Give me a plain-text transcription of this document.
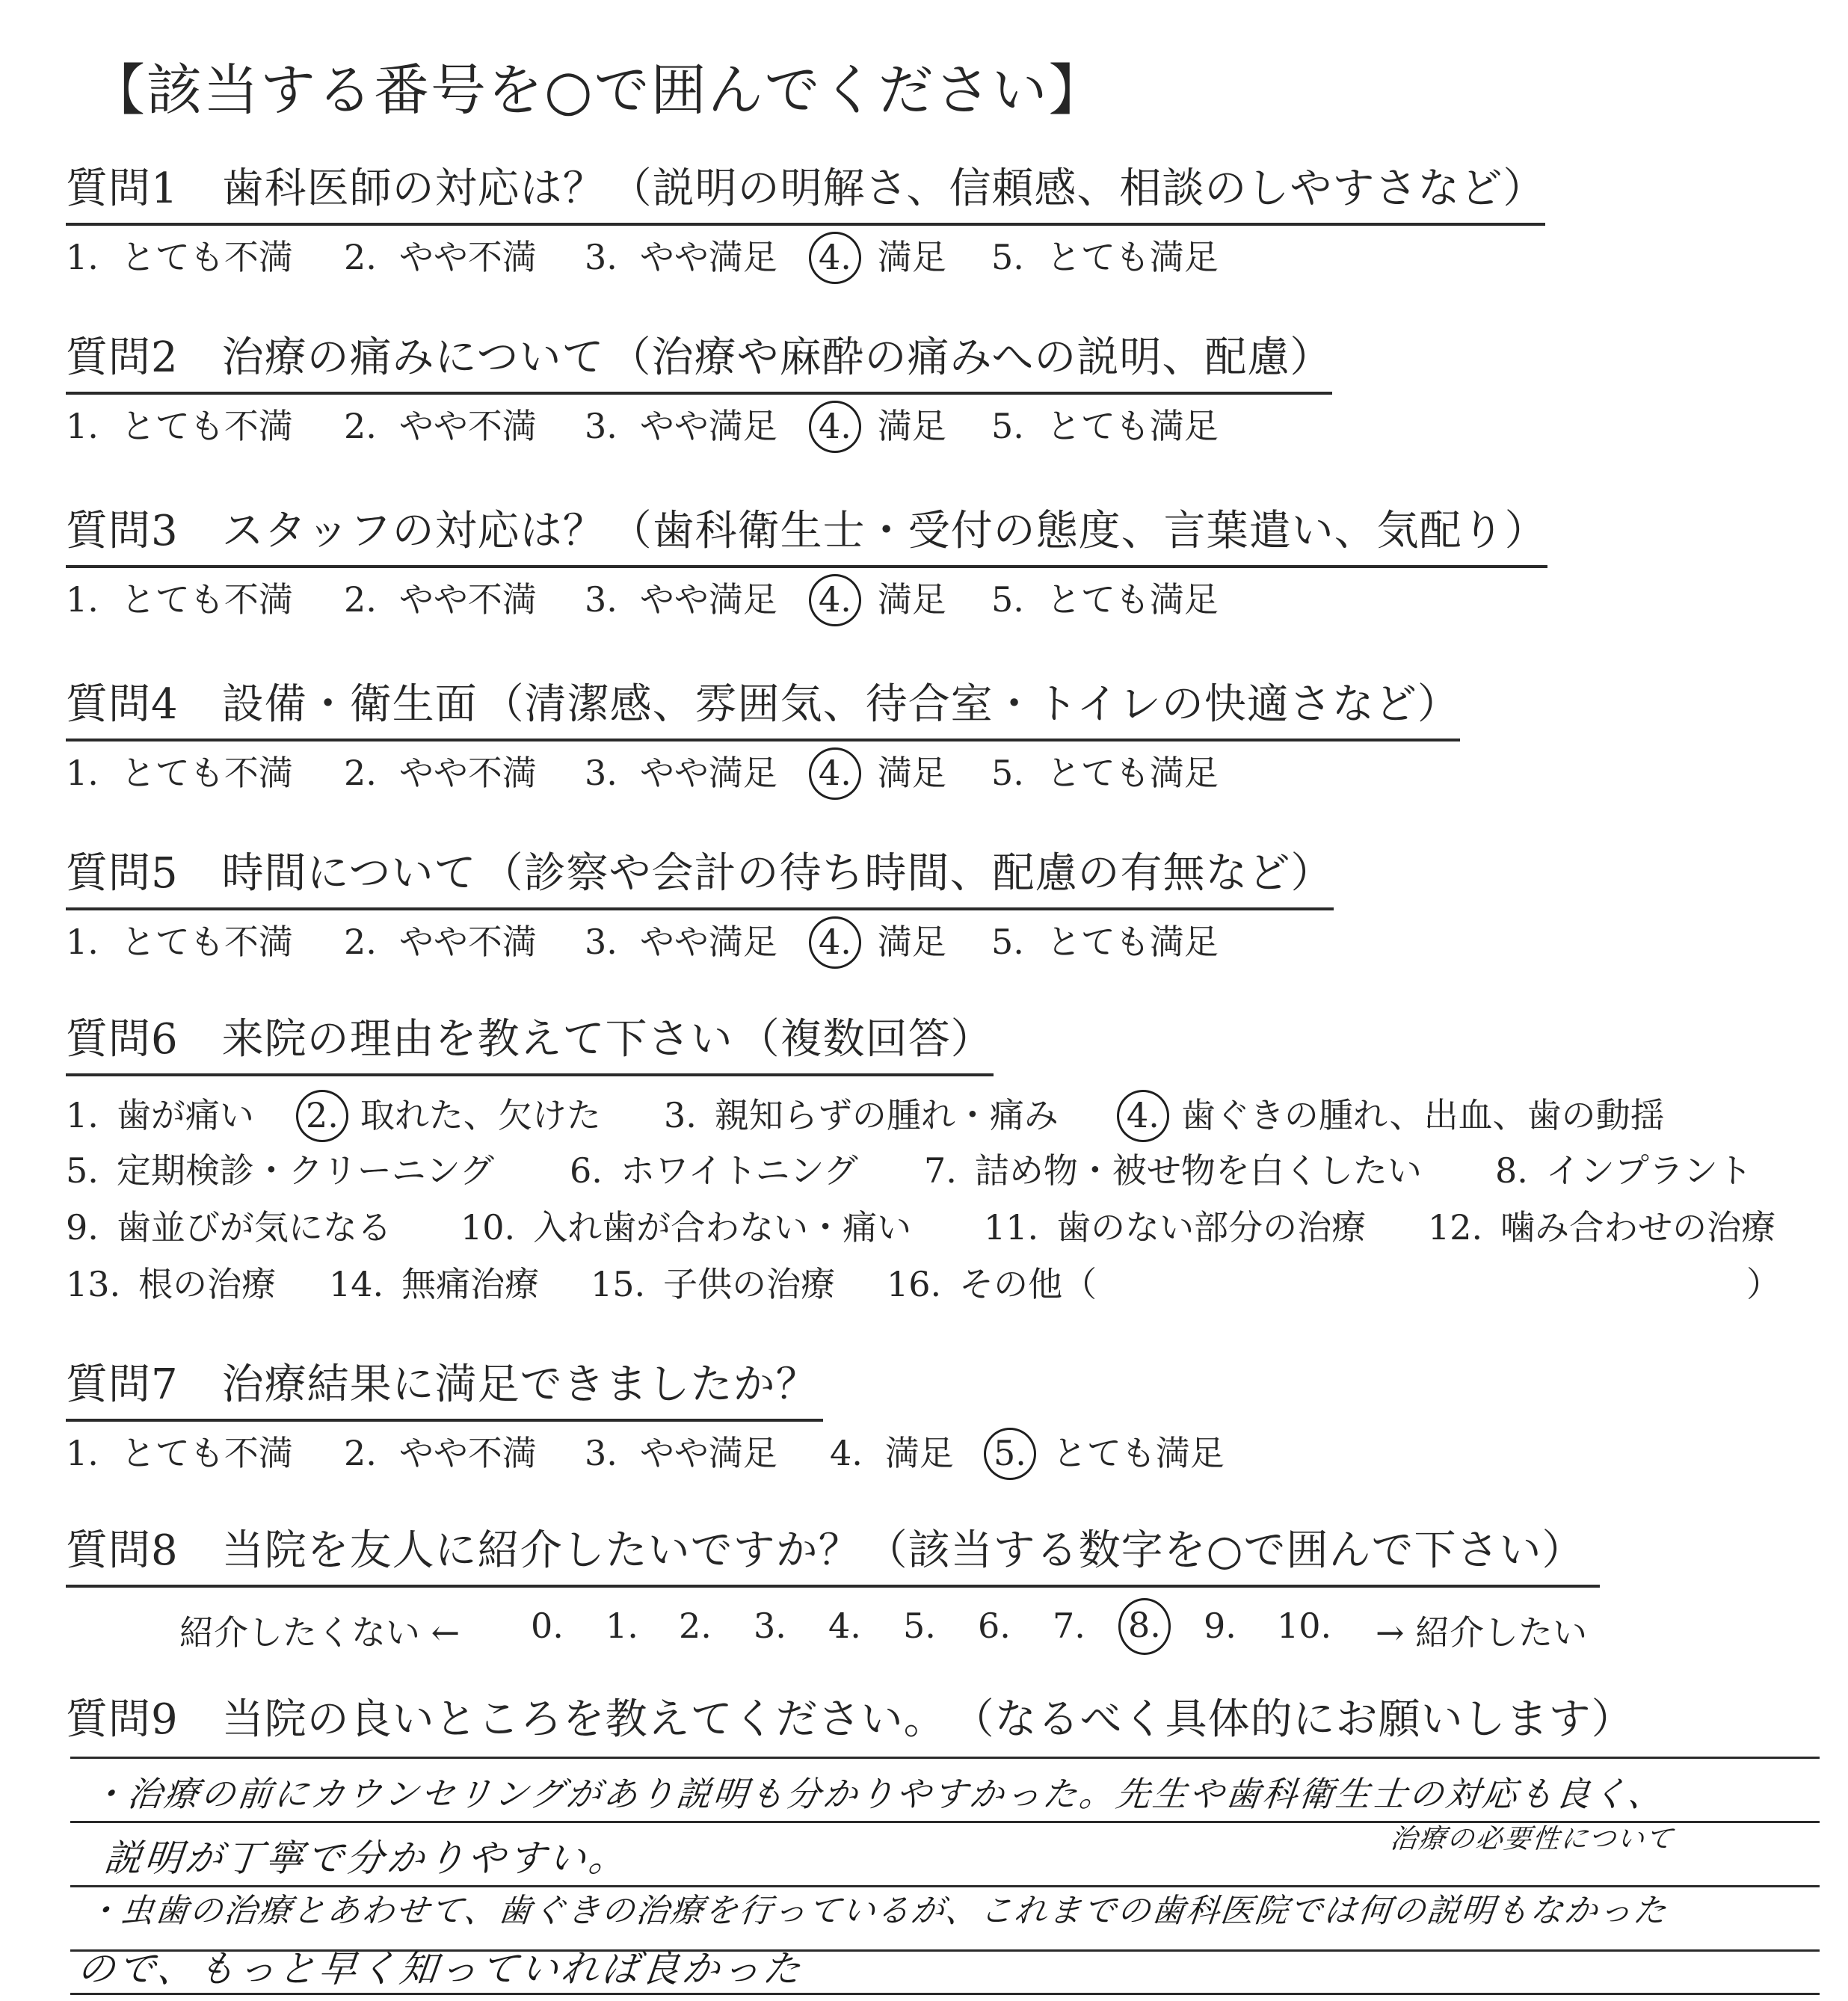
【該当する番号を○で囲んでください】
質問1 歯科医師の対応は？ （説明の明解さ、信頼感、相談のしやすさなど）
1. とても不満 2. やや不満 3. やや満足 4. 満足 5. とても満足
質問2 治療の痛みについて （治療や麻酔の痛みへの説明、配慮）
1. とても不満 2. やや不満 3. やや満足 4. 満足 5. とても満足
質問3 スタッフの対応は？ （歯科衛生士・受付の態度、言葉遣い、気配り）
1. とても不満 2. やや不満 3. やや満足 4. 満足 5. とても満足
質問4 設備・衛生面 （清潔感、雰囲気、待合室・トイレの快適さなど）
1. とても不満 2. やや不満 3. やや満足 4. 満足 5. とても満足
質問5 時間について （診察や会計の待ち時間、配慮の有無など）
1. とても不満 2. やや不満 3. やや満足 4. 満足 5. とても満足
質問6 来院の理由を教えて下さい （複数回答）
1. 歯が痛い 2. 取れた、欠けた 3. 親知らずの腫れ・痛み 4. 歯ぐきの腫れ、出血、歯の動揺
5. 定期検診・クリーニング 6. ホワイトニング 7. 詰め物・被せ物を白くしたい 8. インプラント
9. 歯並びが気になる 10. 入れ歯が合わない・痛い 11. 歯のない部分の治療 12. 噛み合わせの治療
13. 根の治療 14. 無痛治療 15. 子供の治療 16. その他（	）
質問7 治療結果に満足できましたか？
1. とても不満 2. やや不満 3. やや満足 4. 満足 5. とても満足
質問8 当院を友人に紹介したいですか？ （該当する数字を○で囲んで下さい）
紹介したくない ← 0. 1. 2. 3. 4. 5. 6. 7. 8. 9. 10. → 紹介したい
質問9 当院の良いところを教えてください。 （なるべく具体的にお願いします）
・治療の前にカウンセリングがあり説明も分かりやすかった。先生や歯科衛生士の対応も良く、
説明が丁寧で分かりやすい。	治療の必要性について
・虫歯の治療とあわせて、歯ぐきの治療を行っているが、これまでの歯科医院では何の説明もなかった
ので、もっと早く知っていれば良かった
